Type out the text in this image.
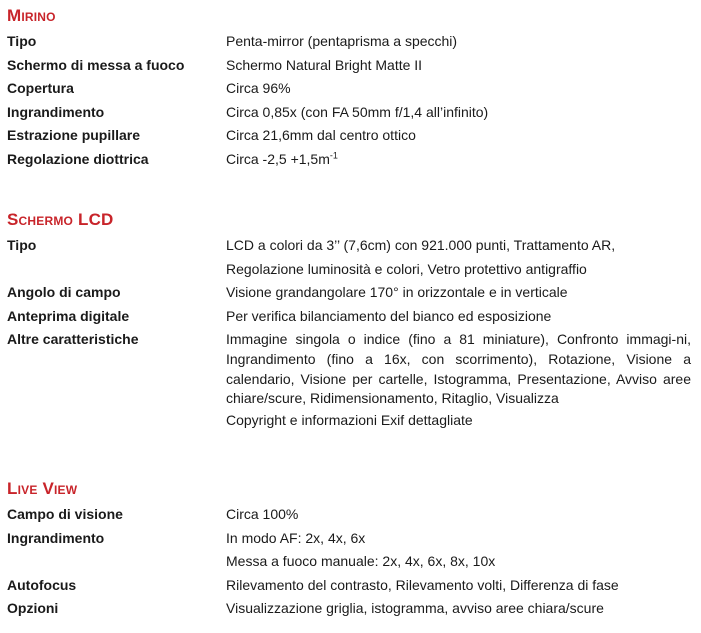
Mirino
Tipo	Penta-mirror (pentaprisma a specchi)
Schermo di messa a fuoco	Schermo Natural Bright Matte II
Copertura	Circa 96%
Ingrandimento	Circa 0,85x (con FA 50mm f/1,4 all’infinito)
Estrazione pupillare	Circa 21,6mm dal centro ottico
Regolazione diottrica	Circa $-2,5 +1,5m^{-1}$
Schermo LCD
Tipo	LCD a colori da 3’’ (7,6cm) con 921.000 punti, Trattamento AR,
Regolazione luminosità e colori, Vetro protettivo antigraffio
Angolo di campo	Visione grandangolare 170° in orizzontale e in verticale
Anteprima digitale	Per verifica bilanciamento del bianco ed esposizione
Altre caratteristiche	Immagine singola o indice (fino a 81 miniature), Confronto immagi-ni, Ingrandimento (fino a 16x, con scorrimento), Rotazione, Visione a calendario, Visione per cartelle, Istogramma, Presentazione, Avviso aree chiare/scure, Ridimensionamento, Ritaglio, Visualizza
Copyright e informazioni Exif dettagliate
Live View
Campo di visione	Circa 100%
Ingrandimento	In modo AF: 2x, 4x, 6x
Messa a fuoco manuale: 2x, 4x, 6x, 8x, 10x
Autofocus	Rilevamento del contrasto, Rilevamento volti, Differenza di fase
Opzioni	Visualizzazione griglia, istogramma, avviso aree chiara/scure
